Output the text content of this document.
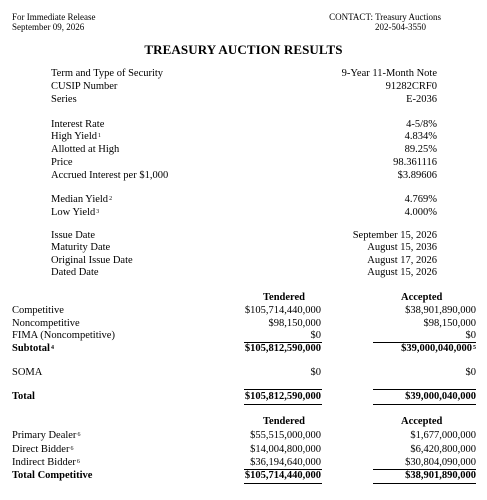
For Immediate Release
September 09, 2026
CONTACT: Treasury Auctions
202-504-3550
TREASURY AUCTION RESULTS
Term and Type of Security	9-Year 11-Month Note
CUSIP Number	91282CRF0
Series	E-2036
Interest Rate	4-5/8%
High Yield$^1$	4.834%
Allotted at High	89.25%
Price	98.361116
Accrued Interest per $1,000	$3.89606
Median Yield$^2$	4.769%
Low Yield$^3$	4.000%
Issue Date	September 15, 2026
Maturity Date	August 15, 2036
Original Issue Date	August 17, 2026
Dated Date	August 15, 2026
Tendered	Accepted
Competitive	$105,714,440,000	$38,901,890,000
Noncompetitive	$98,150,000	$98,150,000
FIMA (Noncompetitive)	$0	$0
Subtotal$^4$	$105,812,590,000	$39,000,040,000$^5$
SOMA	$0	$0
Total	$105,812,590,000	$39,000,040,000
Tendered	Accepted
Primary Dealer$^6$	$55,515,000,000	$1,677,000,000
Direct Bidder$^6$	$14,004,800,000	$6,420,800,000
Indirect Bidder$^6$	$36,194,640,000	$30,804,090,000
Total Competitive	$105,714,440,000	$38,901,890,000
